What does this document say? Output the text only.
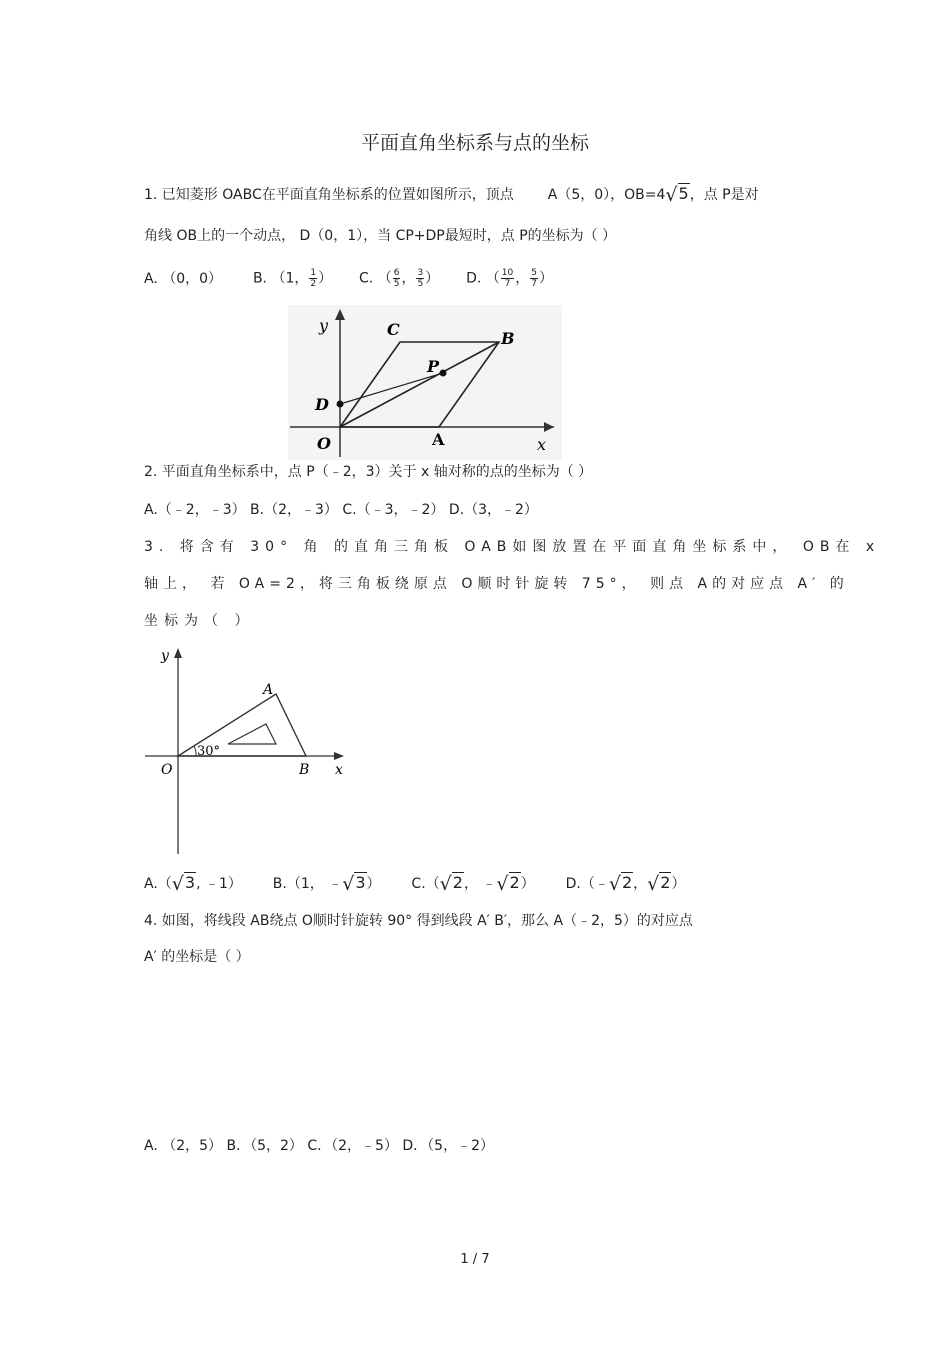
平面直角坐标系与点的坐标
1. 已知菱形 OABC在平面直角坐标系的位置如图所示，顶点 A（5，0），OB=4√5，点 P是对
角线 OB上的一个动点， D（0，1），当 CP+DP最短时，点 P的坐标为（ ）
A. （0，0） B. （1， $\frac{1}{2}$ ） C. （ $\frac{6}{5}$ ， $\frac{3}{5}$ ） D. （ $\frac{10}{7}$ ， $\frac{5}{7}$ ）
y
x
C	B
P
D
O	A
2. 平面直角坐标系中，点 P（﹣2，3）关于 x 轴对称的点的坐标为（ ）
A.（﹣2，﹣3） B.（2，﹣3） C.（﹣3，﹣2） D.（3，﹣2）
3. 将含有 30° 角 的直角三角板 OAB如图放置在平面直角坐标系中， OB在 x
轴上， 若 OA=2，将三角板绕原点 O顺时针旋转 75°， 则点 A的对应点 A′ 的
坐标为（ ）
y
x
A
O	B
30°
A.（√3, ﹣1） B.（1， ﹣√3） C.（√2， ﹣√2） D.（﹣√2，√2）
4. 如图，将线段 AB绕点 O顺时针旋转 90° 得到线段 A′ B′，那么 A（﹣2，5）的对应点
A′ 的坐标是（ ）
A. （2，5） B．（5，2） C．（2，﹣5） D．（5，﹣2）
1 / 7
